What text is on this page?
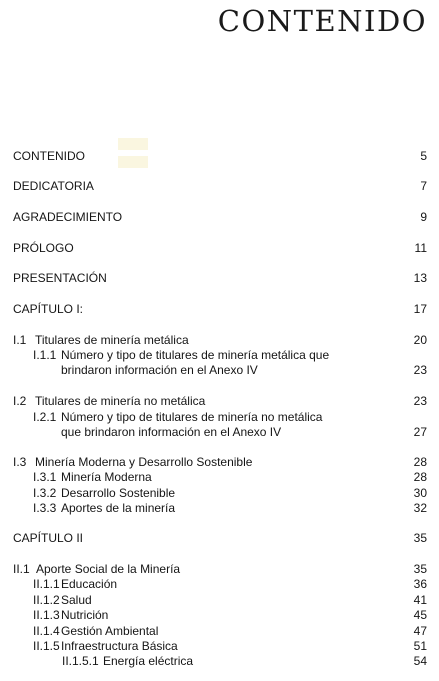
CONTENIDO
CONTENIDO	5
DEDICATORIA	7
AGRADECIMIENTO	9
PRÓLOGO	11
PRESENTACIÓN	13
CAPÍTULO I:	17
I.1 Titulares de minería metálica	20
I.1.1 Número y tipo de titulares de minería metálica que
brindaron información en el Anexo IV	23
I.2 Titulares de minería no metálica	23
I.2.1 Número y tipo de titulares de minería no metálica
que brindaron información en el Anexo IV	27
I.3 Minería Moderna y Desarrollo Sostenible	28
I.3.1 Minería Moderna	28
I.3.2 Desarrollo Sostenible	30
I.3.3 Aportes de la minería	32
CAPÍTULO II	35
II.1 Aporte Social de la Minería	35
II.1.1 Educación	36
II.1.2 Salud	41
II.1.3 Nutrición	45
II.1.4 Gestión Ambiental	47
II.1.5 Infraestructura Básica	51
II.1.5.1 Energía eléctrica	54
